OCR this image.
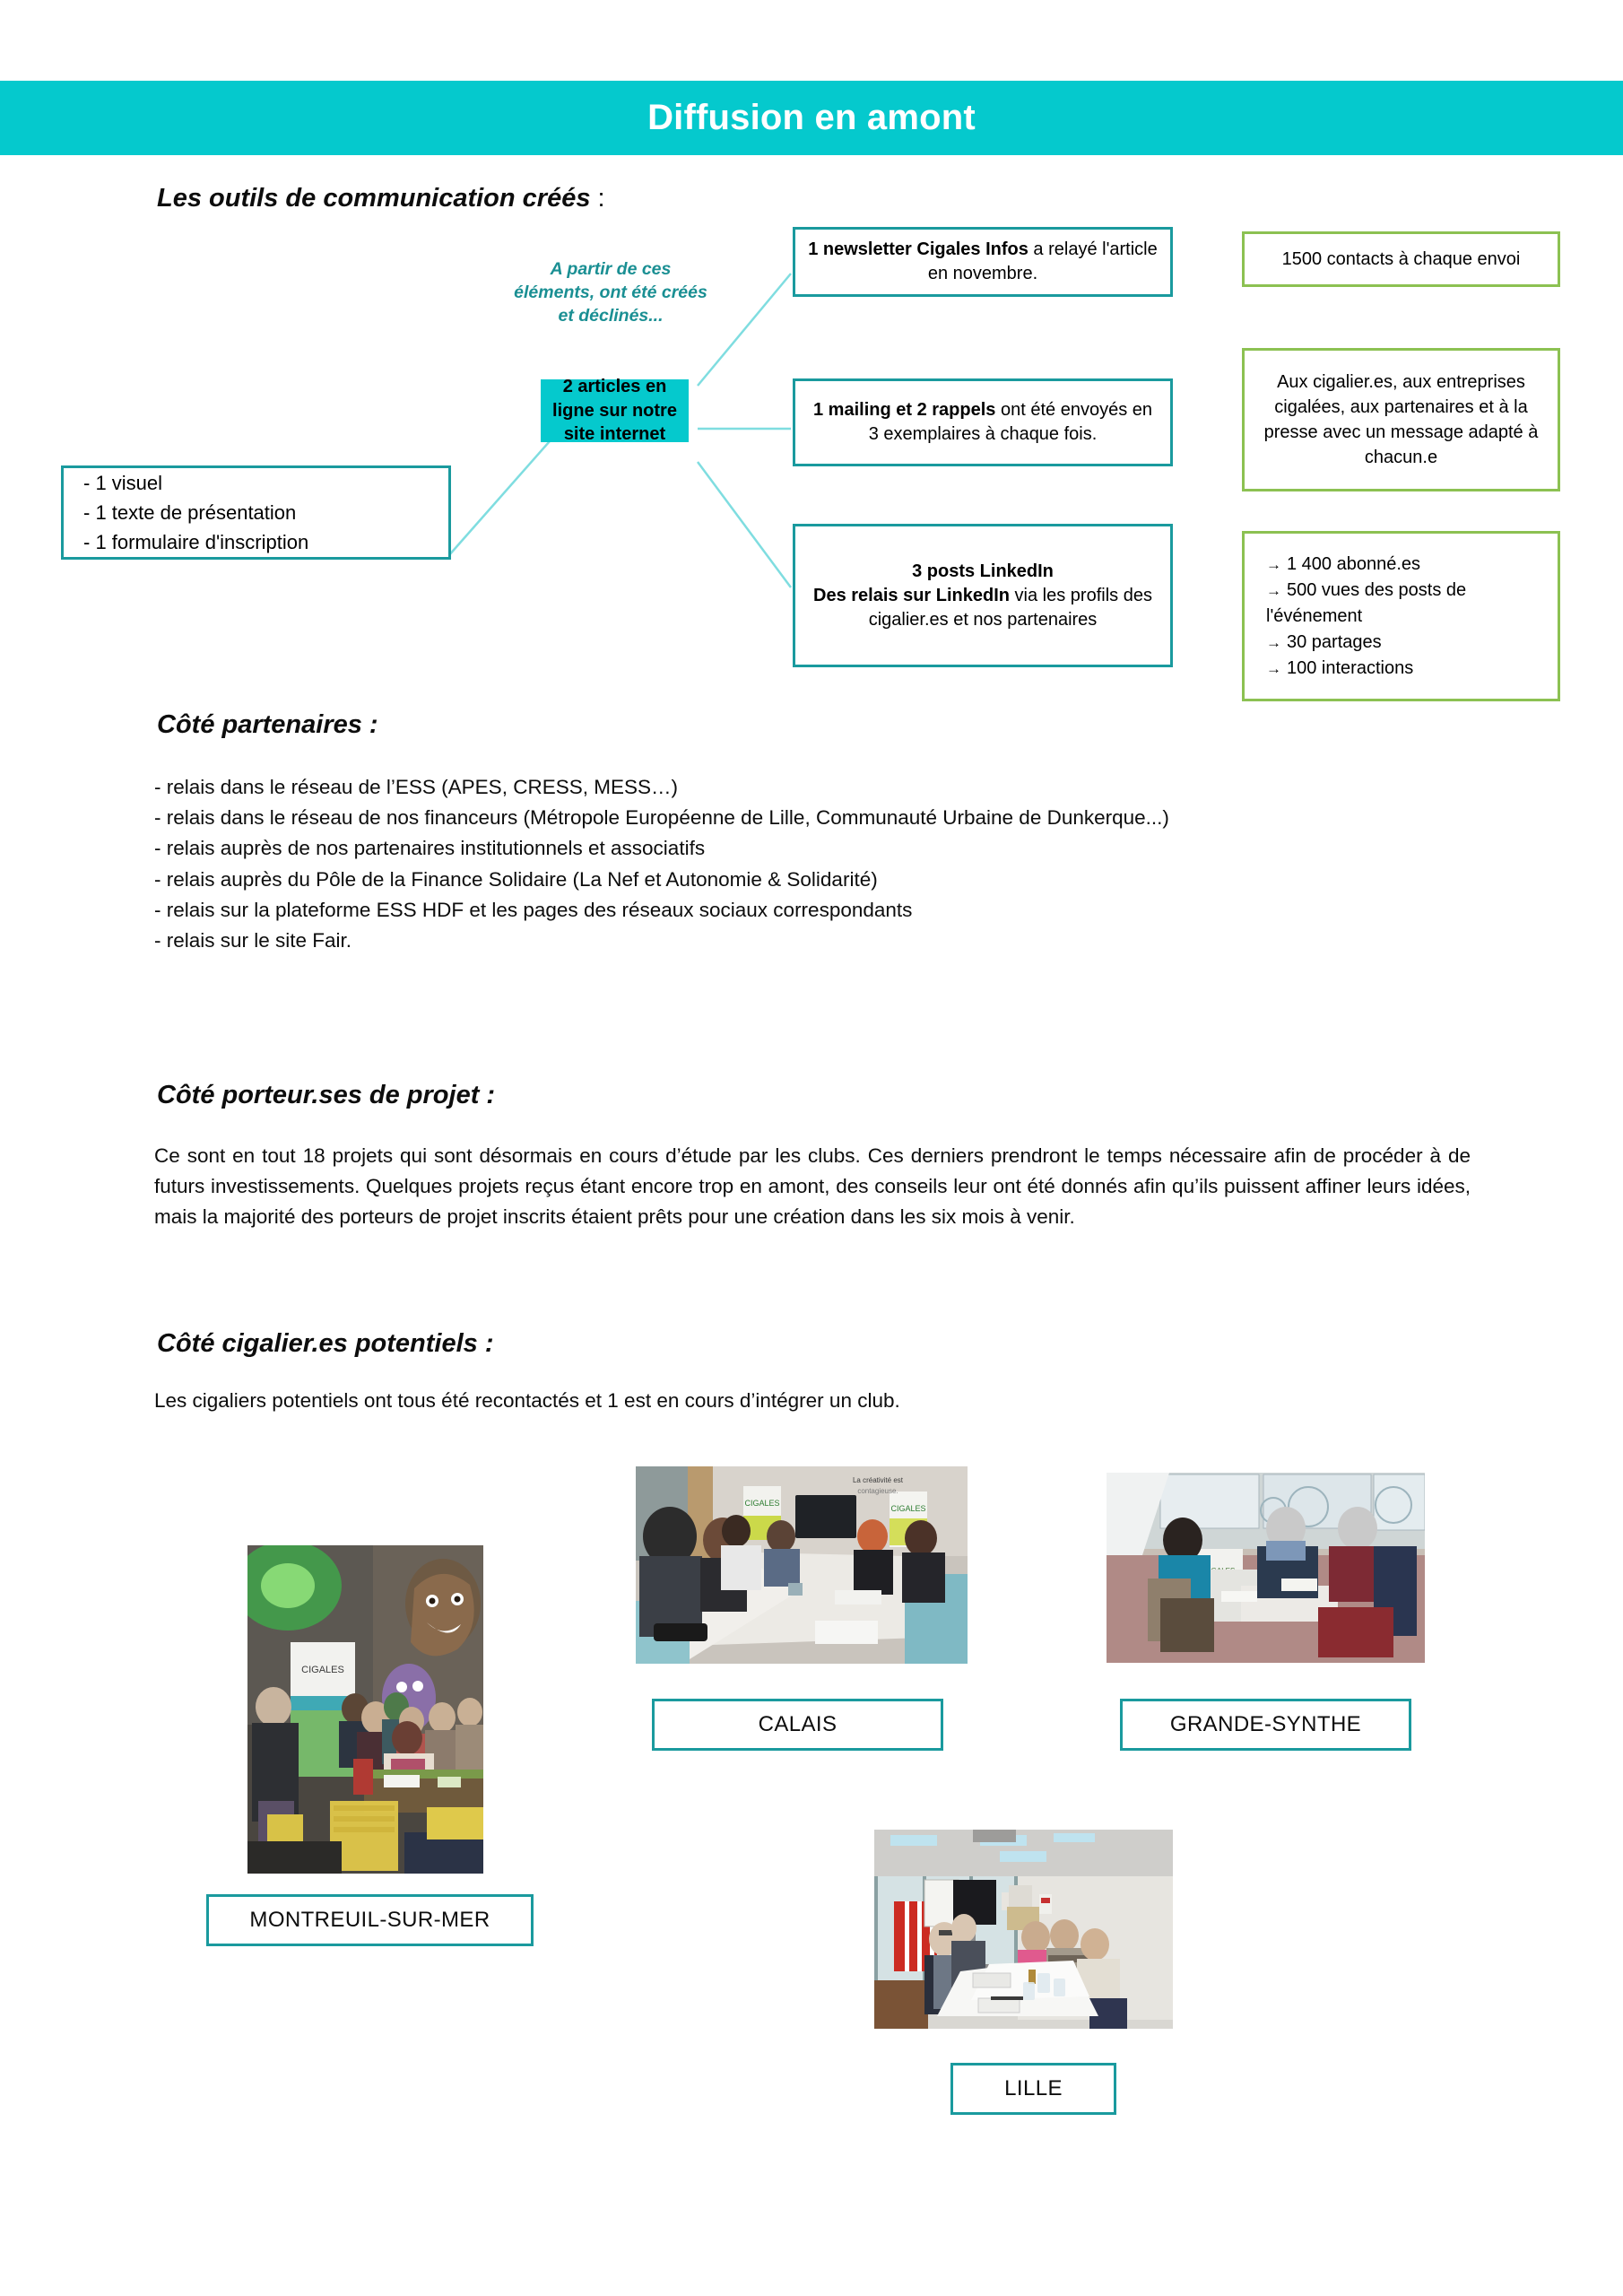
Diffusion en amont
Les outils de communication créés :
A partir de ces éléments, ont été créés et déclinés...
2 articles en ligne sur notre site internet
- 1 visuel
- 1 texte de présentation
- 1 formulaire d'inscription
1 newsletter Cigales Infos a relayé l'article en novembre.
1 mailing et 2 rappels ont été envoyés en 3 exemplaires à chaque fois.
3 posts LinkedIn
Des relais sur LinkedIn via les profils des cigalier.es et nos partenaires
1500 contacts à chaque envoi
Aux cigalier.es, aux entreprises cigalées, aux partenaires et à la presse avec un message adapté à chacun.e
→ 1 400 abonné.es
→ 500 vues des posts de l'événement
→ 30 partages
→ 100 interactions
Côté partenaires :
- relais dans le réseau de l’ESS (APES, CRESS, MESS…)
- relais dans le réseau de nos financeurs (Métropole Européenne de Lille, Communauté Urbaine de Dunkerque...)
- relais auprès de nos partenaires institutionnels et associatifs
- relais auprès du Pôle de la Finance Solidaire (La Nef et Autonomie & Solidarité)
- relais sur la plateforme ESS HDF et les pages des réseaux sociaux correspondants
- relais sur le site Fair.
Côté porteur.ses de projet :
Ce sont en tout 18 projets qui sont désormais en cours d’étude par les clubs. Ces derniers prendront le temps nécessaire afin de procéder à de futurs investissements. Quelques projets reçus étant encore trop en amont, des conseils leur ont été donnés afin qu’ils puissent affiner leurs idées, mais la majorité des porteurs de projet inscrits étaient prêts pour une création dans les six mois à venir.
Côté cigalier.es potentiels :
Les cigaliers potentiels ont tous été recontactés et 1 est en cours d’intégrer un club.
CIGALES
CIGALES
La créativité est
contagieuse.
CALAIS	GRANDE-SYNTHE
CIGALES
MONTREUIL-SUR-MER
LILLE
